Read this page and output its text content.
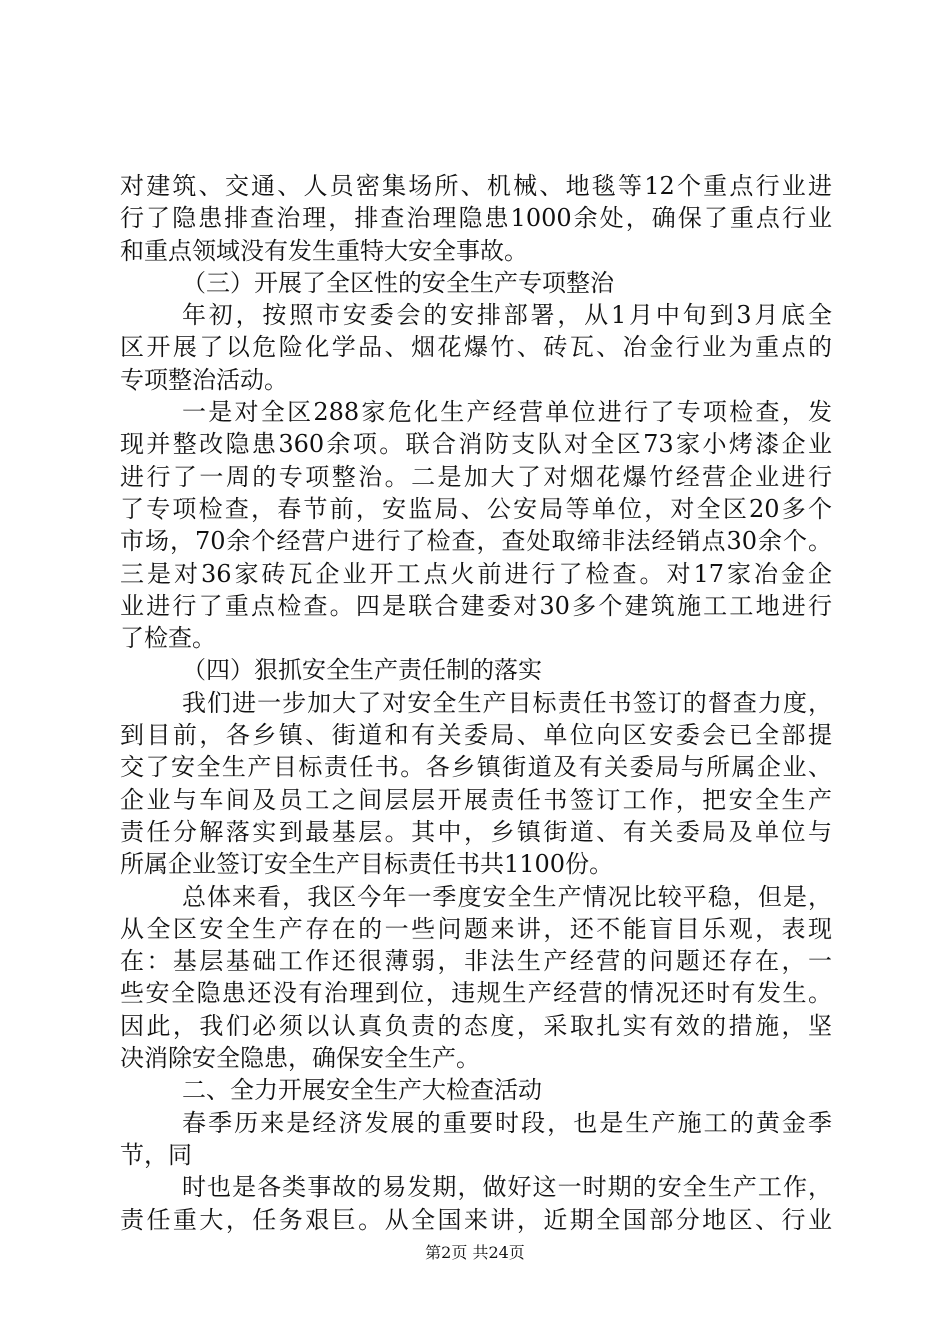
对建筑、交通、人员密集场所、机械、地毯等12个重点行业进
行了隐患排查治理，排查治理隐患1000余处，确保了重点行业
和重点领域没有发生重特大安全事故。
（三）开展了全区性的安全生产专项整治
年初，按照市安委会的安排部署，从1月中旬到3月底全
区开展了以危险化学品、烟花爆竹、砖瓦、冶金行业为重点的
专项整治活动。
一是对全区288家危化生产经营单位进行了专项检查，发
现并整改隐患360余项。联合消防支队对全区73家小烤漆企业
进行了一周的专项整治。二是加大了对烟花爆竹经营企业进行
了专项检查，春节前，安监局、公安局等单位，对全区20多个
市场，70余个经营户进行了检查，查处取缔非法经销点30余个。
三是对36家砖瓦企业开工点火前进行了检查。对17家冶金企
业进行了重点检查。四是联合建委对30多个建筑施工工地进行
了检查。
（四）狠抓安全生产责任制的落实
我们进一步加大了对安全生产目标责任书签订的督查力度，
到目前，各乡镇、街道和有关委局、单位向区安委会已全部提
交了安全生产目标责任书。各乡镇街道及有关委局与所属企业、
企业与车间及员工之间层层开展责任书签订工作，把安全生产
责任分解落实到最基层。其中，乡镇街道、有关委局及单位与
所属企业签订安全生产目标责任书共1100份。
总体来看，我区今年一季度安全生产情况比较平稳，但是，
从全区安全生产存在的一些问题来讲，还不能盲目乐观，表现
在：基层基础工作还很薄弱，非法生产经营的问题还存在，一
些安全隐患还没有治理到位，违规生产经营的情况还时有发生。
因此，我们必须以认真负责的态度，采取扎实有效的措施，坚
决消除安全隐患，确保安全生产。
二、全力开展安全生产大检查活动
春季历来是经济发展的重要时段，也是生产施工的黄金季
节，同
时也是各类事故的易发期，做好这一时期的安全生产工作，
责任重大，任务艰巨。从全国来讲，近期全国部分地区、行业
第2页 共24页
